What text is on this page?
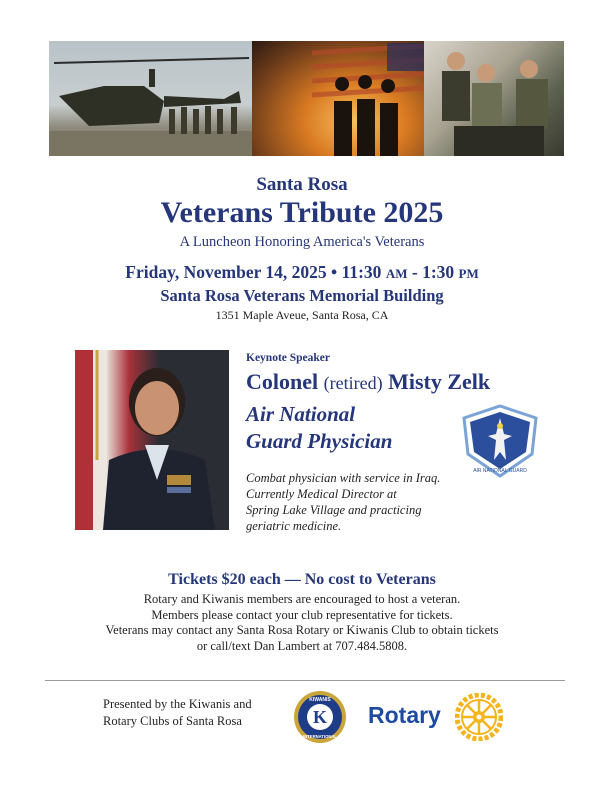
Santa Rosa
Veterans Tribute 2025
A Luncheon Honoring America's Veterans
Friday, November 14, 2025 • 11:30 AM - 1:30 PM
Santa Rosa Veterans Memorial Building
1351 Maple Aveue, Santa Rosa, CA
Keynote Speaker
Colonel (retired) Misty Zelk
Air National
Guard Physician
AIR NATIONAL GUARD
Combat physician with service in Iraq.
Currently Medical Director at
Spring Lake Village and practicing
geriatric medicine.
Tickets $20 each — No cost to Veterans
Rotary and Kiwanis members are encouraged to host a veteran.
Members please contact your club representative for tickets.
Veterans may contact any Santa Rosa Rotary or Kiwanis Club to obtain tickets
or call/text Dan Lambert at 707.484.5808.
Presented by the Kiwanis and
Rotary Clubs of Santa Rosa	K
KIWANIS
INTERNATIONAL
Rotary
